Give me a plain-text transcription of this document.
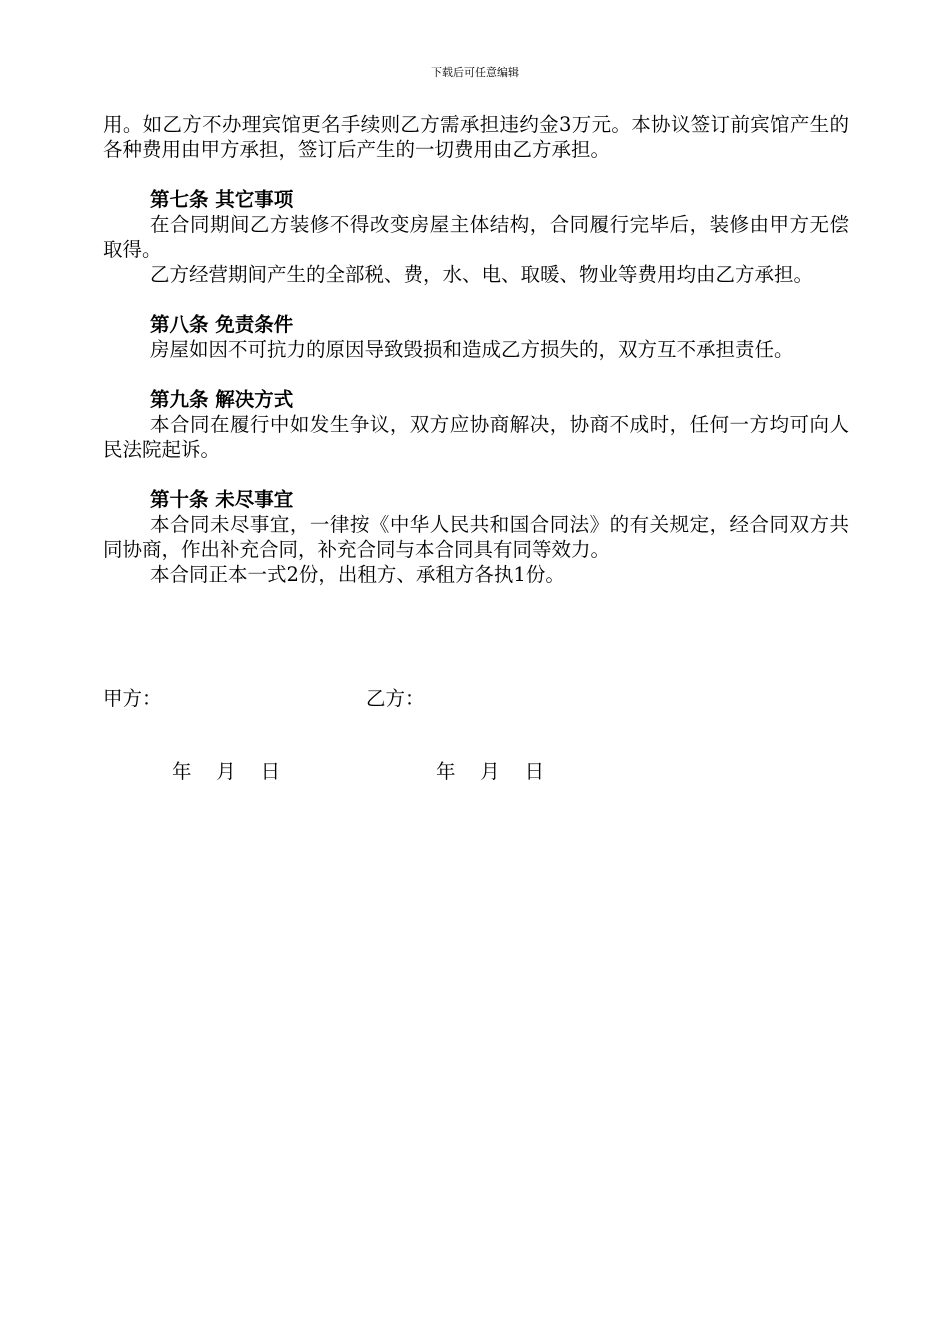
下载后可任意编辑

用。如乙方不办理宾馆更名手续则乙方需承担违约金3万元。本协议签订前宾馆产生的各种费用由甲方承担，签订后产生的一切费用由乙方承担。

第七条 其它事项

在合同期间乙方装修不得改变房屋主体结构，合同履行完毕后，装修由甲方无偿取得。

乙方经营期间产生的全部税、费，水、电、取暖、物业等费用均由乙方承担。

第八条 免责条件

房屋如因不可抗力的原因导致毁损和造成乙方损失的，双方互不承担责任。

第九条 解决方式

本合同在履行中如发生争议，双方应协商解决，协商不成时，任何一方均可向人民法院起诉。

第十条 未尽事宜

本合同未尽事宜，一律按《中华人民共和国合同法》的有关规定，经合同双方共同协商，作出补充合同，补充合同与本合同具有同等效力。

本合同正本一式2份，出租方、承租方各执1份。

甲方：	乙方：
年    月    日	年    月    日
